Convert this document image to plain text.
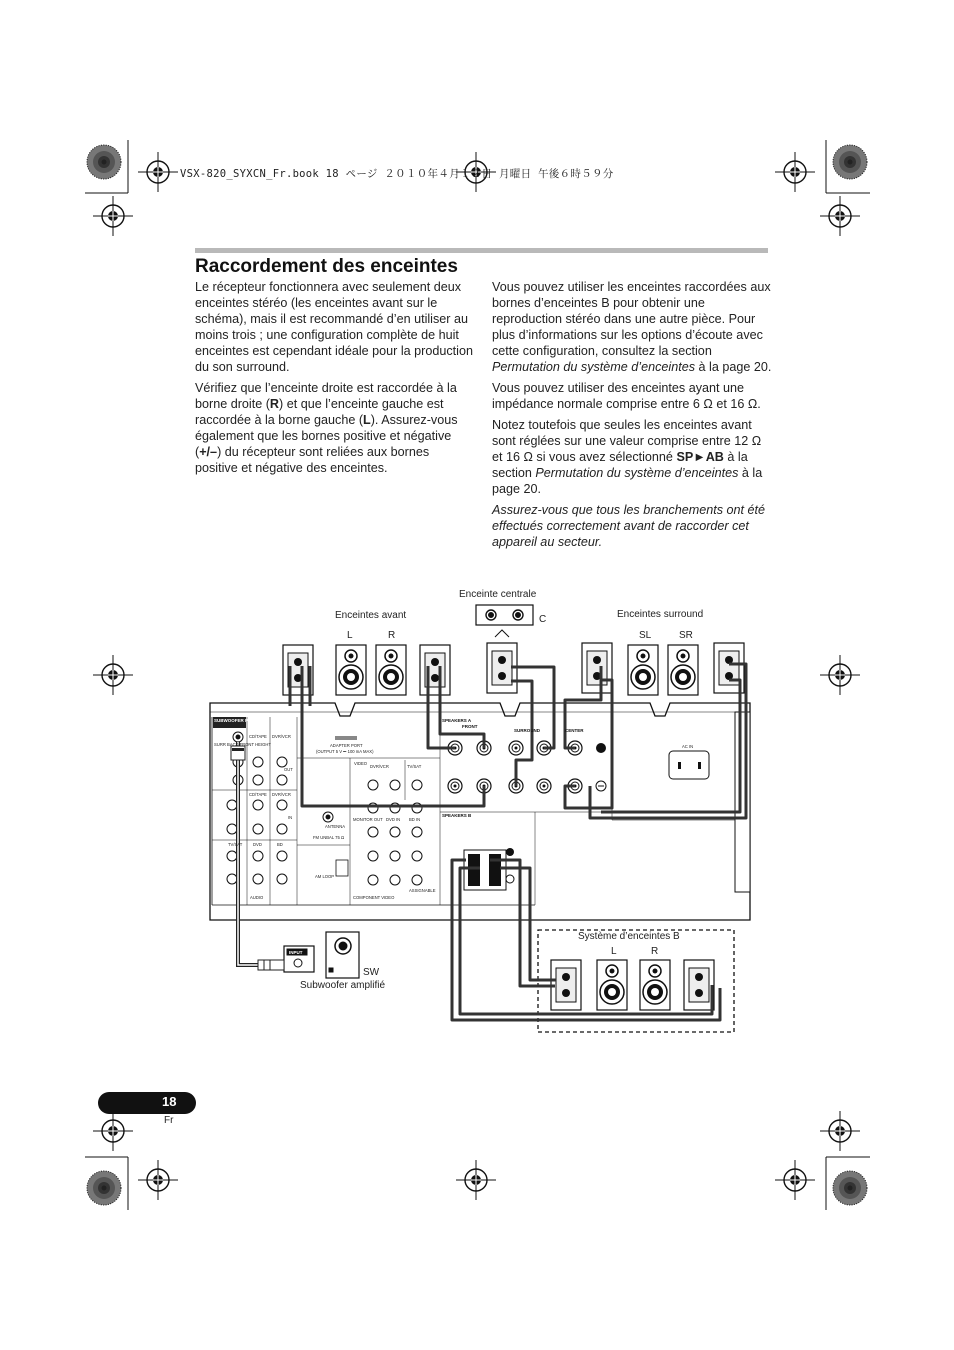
VSX-820_SYXCN_Fr.book 18 ページ ２０１０年４月１２日 月曜日 午後６時５９分
Raccordement des enceintes

Le récepteur fonctionnera avec seulement deux enceintes stéréo (les enceintes avant sur le schéma), mais il est recommandé d’en utiliser au moins trois ; une configuration complète de huit enceintes est cependant idéale pour la production du son surround.

Vérifiez que l’enceinte droite est raccordée à la borne droite (R) et que l’enceinte gauche est raccordée à la borne gauche (L). Assurez-vous également que les bornes positive et négative (+/–) du récepteur sont reliées aux bornes positive et négative des enceintes.

Vous pouvez utiliser les enceintes raccordées aux bornes d’enceintes B pour obtenir une reproduction stéréo dans une autre pièce. Pour plus d’informations sur les options d’écoute avec cette configuration, consultez la section Permutation du système d’enceintes à la page 20.

Vous pouvez utiliser des enceintes ayant une impédance normale comprise entre 6 Ω et 16 Ω.

Notez toutefois que seules les enceintes avant sont réglées sur une valeur comprise entre 12 Ω et 16 Ω si vous avez sélectionné SP►AB à la section Permutation du système d’enceintes à la page 20.

Assurez-vous que tous les branchements ont été effectués correctement avant de raccorder cet appareil au secteur.

Enceinte centrale
C
Enceintes avant
L	R
Enceintes surround
SL	SR
Système d’enceintes B
L	R
SW
Subwoofer amplifié
SUBWOOFER PRE OUT
SURR BACK/FRONT HEIGHT
CD/TAPE DVR/VCR
OUT
CD/TAPE DVR/VCR
IN
TV/SAT	DVD	BD
AUDIO
ADAPTER PORT
(OUTPUT 5 V ⎓ 100 mA MAX)
VIDEO
DVR/VCR	TV/SAT
ANTENNA
FM UNBAL 75 Ω
AM LOOP
MONITOR OUT DVD IN BD IN
COMPONENT VIDEO
ASSIGNABLE
SPEAKERS A
FRONT
SURROUND	CENTER
SPEAKERS B
AC IN
INPUT
18
Fr
